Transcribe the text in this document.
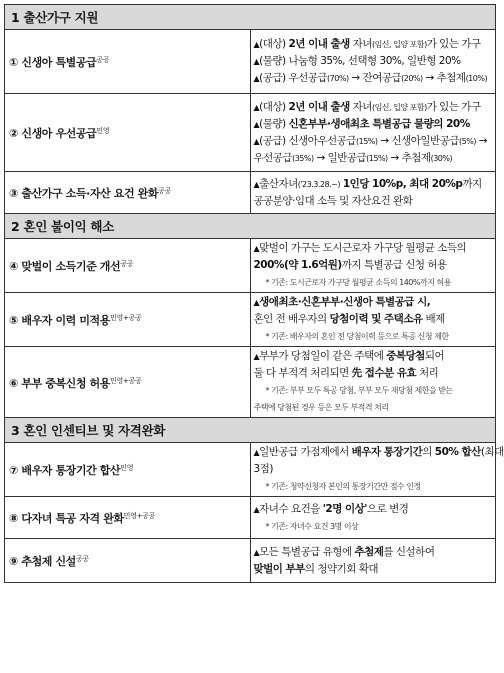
1 출산가구 지원	
① 신생아 특별공급$^{공공}$	▲(대상) 2년 이내 출생 자녀(임신, 입양 포함)가 있는 가구
▲(물량) 나눔형 35%, 선택형 30%, 일반형 20%
▲(공급) 우선공급(70%) → 잔여공급(20%) → 추첨제(10%)

② 신생아 우선공급$^{민영}$	▲(대상) 2년 이내 출생 자녀(임신, 입양 포함)가 있는 가구
▲(물량) 신혼부부·생애최초 특별공급 물량의 20%
▲(공급) 신생아우선공급(15%) → 신생아일반공급(5%) →
우선공급(35%) → 일반공급(15%) → 추첨제(30%)

③ 출산가구 소득·자산 요건 완화$^{공공}$	▲출산자녀('23.3.28.~) 1인당 10%p, 최대 20%p까지
공공분양·임대 소득 및 자산요건 완화

2 혼인 불이익 해소	
④ 맞벌이 소득기준 개선$^{공공}$	▲맞벌이 가구는 도시근로자 가구당 월평균 소득의
200%(약 1.6억원)까지 특별공급 신청 허용
* 기존: 도시근로자 가구당 월평균 소득의 140%까지 허용

⑤ 배우자 이력 미적용$^{민영+공공}$	▲생애최초·신혼부부·신생아 특별공급 시,
혼인 전 배우자의 당첨이력 및 주택소유 배제
* 기존: 배우자의 혼인 전 당첨이력 등으로 특공 신청 제한

⑥ 부부 중복신청 허용$^{민영+공공}$	▲부부가 당첨일이 같은 주택에 중복당첨되어
둘 다 부적격 처리되면 先 접수분 유효 처리
* 기존: 부부 모두 특공 당첨, 부부 모두 재당첨 제한을 받는
주택에 당첨된 경우 등은 모두 부적격 처리

3 혼인 인센티브 및 자격완화	
⑦ 배우자 통장기간 합산$^{민영}$	▲일반공급 가점제에서 배우자 통장기간의 50% 합산(최대
3점)
* 기존: 청약신청자 본인의 통장기간만 점수 인정

⑧ 다자녀 특공 자격 완화$^{민영+공공}$	▲자녀수 요건을 '2명 이상'으로 변경
* 기존: 자녀수 요건 3명 이상

⑨ 추첨제 신설$^{공공}$	▲모든 특별공급 유형에 추첨제를 신설하여
맞벌이 부부의 청약기회 확대
